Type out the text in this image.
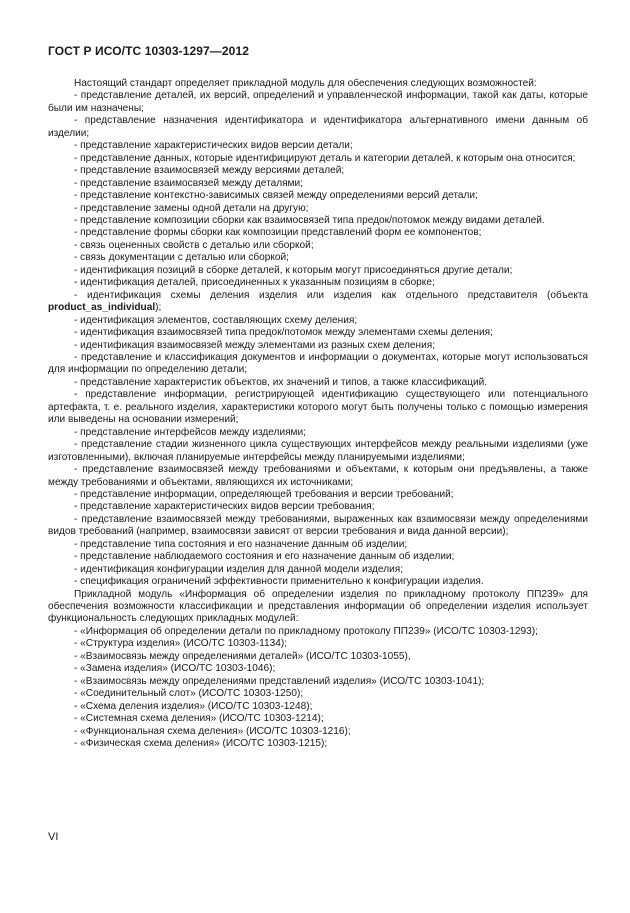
ГОСТ Р ИСО/ТС 10303-1297—2012

Настоящий стандарт определяет прикладной модуль для обеспечения следующих возможностей:

- представление деталей, их версий, определений и управленческой информации, такой как даты, которые были им назначены;

- представление назначения идентификатора и идентификатора альтернативного имени данным об изделии;

- представление характеристических видов версии детали;

- представление данных, которые идентифицируют деталь и категории деталей, к которым она относится;

- представление взаимосвязей между версиями деталей;

- представление взаимосвязей между деталями;

- представление контекстно-зависимых связей между определениями версий детали;

- представление замены одной детали на другую;

- представление композиции сборки как взаимосвязей типа предок/потомок между видами деталей.

- представление формы сборки как композиции представлений форм ее компонентов;

- связь оцененных свойств с деталью или сборкой;

- связь документации с деталью или сборкой;

- идентификация позиций в сборке деталей, к которым могут присоединяться другие детали;

- идентификация деталей, присоединенных к указанным позициям в сборке;

- идентификация схемы деления изделия или изделия как отдельного представителя (объекта product_as_individual);

- идентификация элементов, составляющих схему деления;

- идентификация взаимосвязей типа предок/потомок между элементами схемы деления;

- идентификация взаимосвязей между элементами из разных схем деления;

- представление и классификация документов и информации о документах, которые могут использоваться для информации по определению детали;

- представление характеристик объектов, их значений и типов, а также классификаций.

- представление информации, регистрирующей идентификацию существующего или потенциального артефакта, т. е. реального изделия, характеристики которого могут быть получены только с помощью измерения или выведены на основании измерений;

- представление интерфейсов между изделиями;

- представление стадии жизненного цикла существующих интерфейсов между реальными изделиями (уже изготовленными), включая планируемые интерфейсы между планируемыми изделиями;

- представление взаимосвязей между требованиями и объектами, к которым они предъявлены, а также между требованиями и объектами, являющихся их источниками;

- представление информации, определяющей требования и версии требований;

- представление характеристических видов версии требования;

- представление взаимосвязей между требованиями, выраженных как взаимосвязи между определениями видов требований (например, взаимосвязи зависят от версии требования и вида данной версии);

- представление типа состояния и его назначение данным об изделии;

- представление наблюдаемого состояния и его назначение данным об изделии;

- идентификация конфигурации изделия для данной модели изделия;

- спецификация ограничений эффективности применительно к конфигурации изделия.

Прикладной модуль «Информация об определении изделия по прикладному протоколу ПП239» для обеспечения возможности классификации и представления информации об определении изделия использует функциональность следующих прикладных модулей:

- «Информация об определении детали по прикладному протоколу ПП239» (ИСО/ТС 10303-1293);

- «Структура изделия» (ИСО/ТС 10303-1134);

- «Взаимосвязь между определениями деталей» (ИСО/ТС 10303-1055),

- «Замена изделия» (ИСО/ТС 10303-1046);

- «Взаимосвязь между определениями представлений изделия» (ИСО/ТС 10303-1041);

- «Соединительный слот» (ИСО/ТС 10303-1250);

- «Схема деления изделия» (ИСО/ТС 10303-1248);

- «Системная схема деления» (ИСО/ТС 10303-1214);

- «Функциональная схема деления» (ИСО/ТС 10303-1216);

- «Физическая схема деления» (ИСО/ТС 10303-1215);

VI
